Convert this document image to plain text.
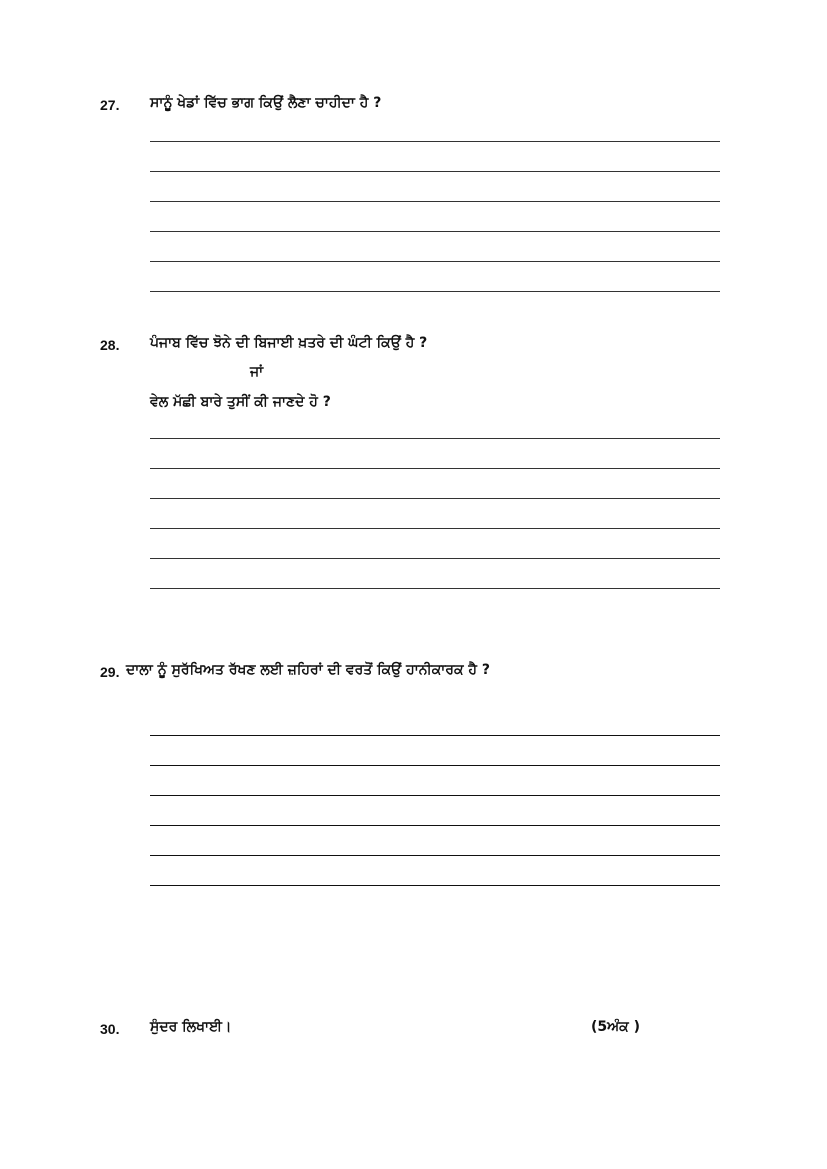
27. ਸਾਨੂੰ ਖੇਡਾਂ ਵਿੱਚ ਭਾਗ ਕਿਉਂ ਲੈਣਾ ਚਾਹੀਦਾ ਹੈ ?
28. ਪੰਜਾਬ ਵਿੱਚ ਝੋਨੇ ਦੀ ਬਿਜਾਈ ਖ਼ਤਰੇ ਦੀ ਘੰਟੀ ਕਿਉਂ ਹੈ ?
ਜਾਂ
ਵੇਲ ਮੱਛੀ ਬਾਰੇ ਤੁਸੀਂ ਕੀ ਜਾਣਦੇ ਹੋ ?
29. ਦਾਲਾ ਨੂੰ ਸੁਰੱਖਿਅਤ ਰੱਖਣ ਲਈ ਜ਼ਹਿਰਾਂ ਦੀ ਵਰਤੋਂ ਕਿਉਂ ਹਾਨੀਕਾਰਕ ਹੈ ?
30. ਸੁੰਦਰ ਲਿਖਾਈ।	(5ਅੰਕ )
